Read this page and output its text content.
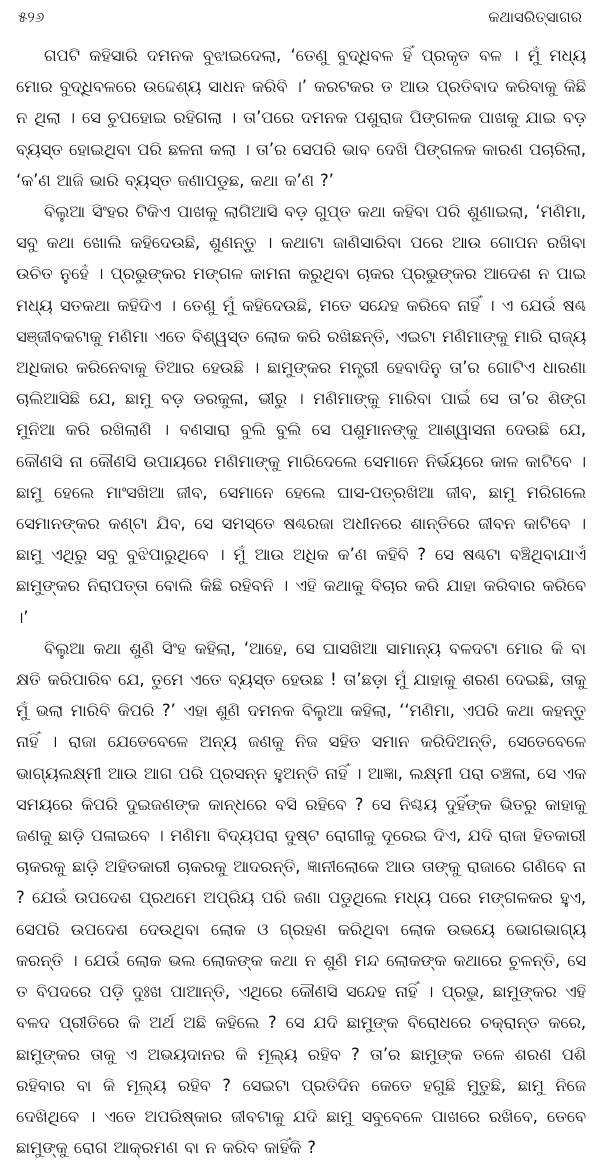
୫୨୬	କଥାସରିତ୍‌ସାଗର

ଗପଟି କହିସାରି ଦମନକ ବୁଝାଇଦେଲା, ‘ତେଣୁ ବୁଦ୍ଧିବଳ ହିଁ ପ୍ରକୃତ ବଳ । ମୁଁ ମଧ୍ୟ ମୋର ବୁଦ୍ଧିବଳରେ ଉଦ୍ଦେଶ୍ୟ ସାଧନ କରିବି ।’ କରଟକର ତ ଆଉ ପ୍ରତିବାଦ କରିବାକୁ କିଛି ନ ଥିଲା । ସେ ଚୁପହୋଇ ରହିଗଲା । ତା’ପରେ ଦମନକ ପଶୁରାଜ ପିଙ୍ଗଳକ ପାଖକୁ ଯାଇ ବଡ଼ ବ୍ୟସ୍ତ ହୋଇଥିବା ପରି ଛଳନା କଲା । ତା’ର ସେପରି ଭାବ ଦେଖି ପିଙ୍ଗଳକ କାରଣ ପଚାରିଲା, ‘କ’ଣ ଆଜି ଭାରି ବ୍ୟସ୍ତ ଜଣାପଡୁଛ, କଥା କ’ଣ ?’

ବିଲୁଆ ସିଂହର ଟିକିଏ ପାଖକୁ ଲାଗିଆସି ବଡ଼ ଗୁପ୍ତ କଥା କହିବା ପରି ଶୁଣାଇଲା, ‘ମଣିମା, ସବୁ କଥା ଖୋଲି କହିଦେଉଛି, ଶୁଣନ୍ତୁ । କଥାଟା ଜାଣିସାରିବା ପରେ ଆଉ ଗୋପନ ରଖିବା ଉଚିତ ନୁହେଁ । ପ୍ରଭୁଙ୍କର ମଙ୍ଗଳ କାମନା କରୁଥିବା ଚାକର ପ୍ରଭୁଙ୍କର ଆଦେଶ ନ ପାଇ ମଧ୍ୟ ସତକଥା କହିଦିଏ । ତେଣୁ ମୁଁ କହିଦେଉଛି, ମତେ ସନ୍ଦେହ କରିବେ ନାହିଁ । ଏ ଯେଉଁ ଷଣ୍ଢ ସଞ୍ଜୀବକଟାକୁ ମଣିମା ଏତେ ବିଶ୍ୱସ୍ତ ଲୋକ କରି ରଖିଛନ୍ତି, ଏଇଟା ମଣିମାଙ୍କୁ ମାରି ରାଜ୍ୟ ଅଧିକାର କରିନେବାକୁ ତିଆର ହେଉଛି । ଛାମୁଙ୍କର ମନ୍ତ୍ରୀ ହେବାଦିନୁ ତା’ର ଗୋଟିଏ ଧାରଣା ଚାଲିଆସିଛି ଯେ, ଛାମୁ ବଡ଼ ଡରକୁଳା, ଭୀରୁ । ମଣିମାଙ୍କୁ ମାରିବା ପାଇଁ ସେ ତା’ର ଶିଙ୍ଗ ମୁନିଆ କରି ରଖିଲାଣି । ବଣସାରା ବୁଲି ବୁଲି ସେ ପଶୁମାନଙ୍କୁ ଆଶ୍ୱାସନା ଦେଉଛି ଯେ, କୌଣସି ନା କୌଣସି ଉପାୟରେ ମଣିମାଙ୍କୁ ମାରିଦେଲେ ସେମାନେ ନିର୍ଭୟରେ କାଳ କାଟିବେ । ଛାମୁ ହେଲେ ମାଂସଖିଆ ଜୀବ, ସେମାନେ ହେଲେ ଘାସ-ପତ୍ରଖିଆ ଜୀବ, ଛାମୁ ମରିଗଲେ ସେମାନଙ୍କର କଣ୍ଟା ଯିବ, ସେ ସମସ୍ତେ ଷଣ୍ଢରଜା ଅଧୀନରେ ଶାନ୍ତିରେ ଜୀବନ କାଟିବେ । ଛାମୁ ଏଥିରୁ ସବୁ ବୁଝିପାରୁଥିବେ । ମୁଁ ଆଉ ଅଧିକ କ’ଣ କହିବି ? ସେ ଷଣ୍ଢଟା ବଞ୍ଚିଥିବାଯାଏଁ ଛାମୁଙ୍କର ନିରାପତ୍ତା ବୋଲି କିଛି ରହିବନି । ଏହି କଥାକୁ ବିଚାର କରି ଯାହା କରିବାର କରିବେ ।’

ବିଲୁଆ କଥା ଶୁଣି ସିଂହ କହିଲା, ‘ଆହେ, ସେ ଘାସଖିଆ ସାମାନ୍ୟ ବଳଦଟା ମୋର କି ବା କ୍ଷତି କରିପାରିବ ଯେ, ତୁମେ ଏତେ ବ୍ୟସ୍ତ ହେଉଛ ! ତା’ଛଡ଼ା ମୁଁ ଯାହାକୁ ଶରଣ ଦେଇଛି, ତାକୁ ମୁଁ ଭଲା ମାରିବି କିପରି ?’ ଏହା ଶୁଣି ଦମନକ ବିଲୁଆ କହିଲା, ‘‘ମଣିମା, ଏପରି କଥା କହନ୍ତୁ ନାହିଁ । ରାଜା ଯେତେବେଳେ ଅନ୍ୟ ଜଣକୁ ନିଜ ସହିତ ସମାନ କରିଦିଅନ୍ତି, ସେତେବେଳେ ଭାଗ୍ୟଲକ୍ଷ୍ମୀ ଆଉ ଆଗ ପରି ପ୍ରସନ୍ନ ହୁଅନ୍ତି ନାହିଁ । ଆଜ୍ଞା, ଲକ୍ଷ୍ମୀ ପରା ଚଞ୍ଚଳା, ସେ ଏକ ସମୟରେ କିପରି ଦୁଇଜଣଙ୍କ କାନ୍ଧରେ ବସି ରହିବେ ? ସେ ନିଶ୍ଚୟ ଦୁହିଁଙ୍କ ଭିତରୁ କାହାକୁ ଜଣକୁ ଛାଡ଼ି ପଳାଇବେ । ମଣିମା ବିଦ୍ୟପରା ଦୁଷ୍ଟ ରୋଗୀକୁ ଦୂରେଇ ଦିଏ, ଯଦି ରାଜା ହିତକାରୀ ଚାକରକୁ ଛାଡ଼ି ଅହିତକାରୀ ଚାକରକୁ ଆଦରନ୍ତି, ଜ୍ଞାନୀଲୋକେ ଆଉ ତାଙ୍କୁ ରାଜାରେ ଗଣିବେ ନା ? ଯେଉଁ ଉପଦେଶ ପ୍ରଥମେ ଅପ୍ରିୟ ପରି ଜଣା ପଡୁଥିଲେ ମଧ୍ୟ ପରେ ମଙ୍ଗଳକର ହୁଏ, ସେପରି ଉପଦେଶ ଦେଉଥିବା ଲୋକ ଓ ଗ୍ରହଣ କରିଥିବା ଲୋକ ଉଭୟେ ଭୋଗଭାଗ୍ୟ କରନ୍ତି । ଯେଉଁ ଲୋକ ଭଲ ଲୋକଙ୍କ କଥା ନ ଶୁଣି ମନ୍ଦ ଲୋକଙ୍କ କଥାରେ ଚୁଳନ୍ତି, ସେ ତ ବିପଦରେ ପଡ଼ି ଦୁଃଖ ପାଆନ୍ତି, ଏଥିରେ କୌଣସି ସନ୍ଦେହ ନାହିଁ । ପ୍ରଭୁ, ଛାମୁଙ୍କର ଏହି ବଳଦ ପ୍ରୀତିରେ କି ଅର୍ଥ ଅଛି କହିଲେ ? ସେ ଯଦି ଛାମୁଙ୍କ ବିରୋଧରେ ଚକ୍ରାନ୍ତ କରେ, ଛାମୁଙ୍କର ତାକୁ ଏ ଅଭୟଦାନର କି ମୂଲ୍ୟ ରହିବ ? ତା’ର ଛାମୁଙ୍କ ତଳେ ଶରଣ ପଶି ରହିବାର ବା କି ମୂଲ୍ୟ ରହିବ ? ସେଇଟା ପ୍ରତିଦିନ କେତେ ହଗୁଛି ମୁତୁଛି, ଛାମୁ ନିଜେ ଦେଖିଥିବେ । ଏତେ ଅପରିଷ୍କାର ଜୀବଟାକୁ ଯଦି ଛାମୁ ସବୁବେଳେ ପାଖରେ ରଖିବେ, ତେବେ ଛାମୁଙ୍କୁ ରୋଗ ଆକ୍ରମଣ ବା ନ କରିବ କାହିଁକି ?
